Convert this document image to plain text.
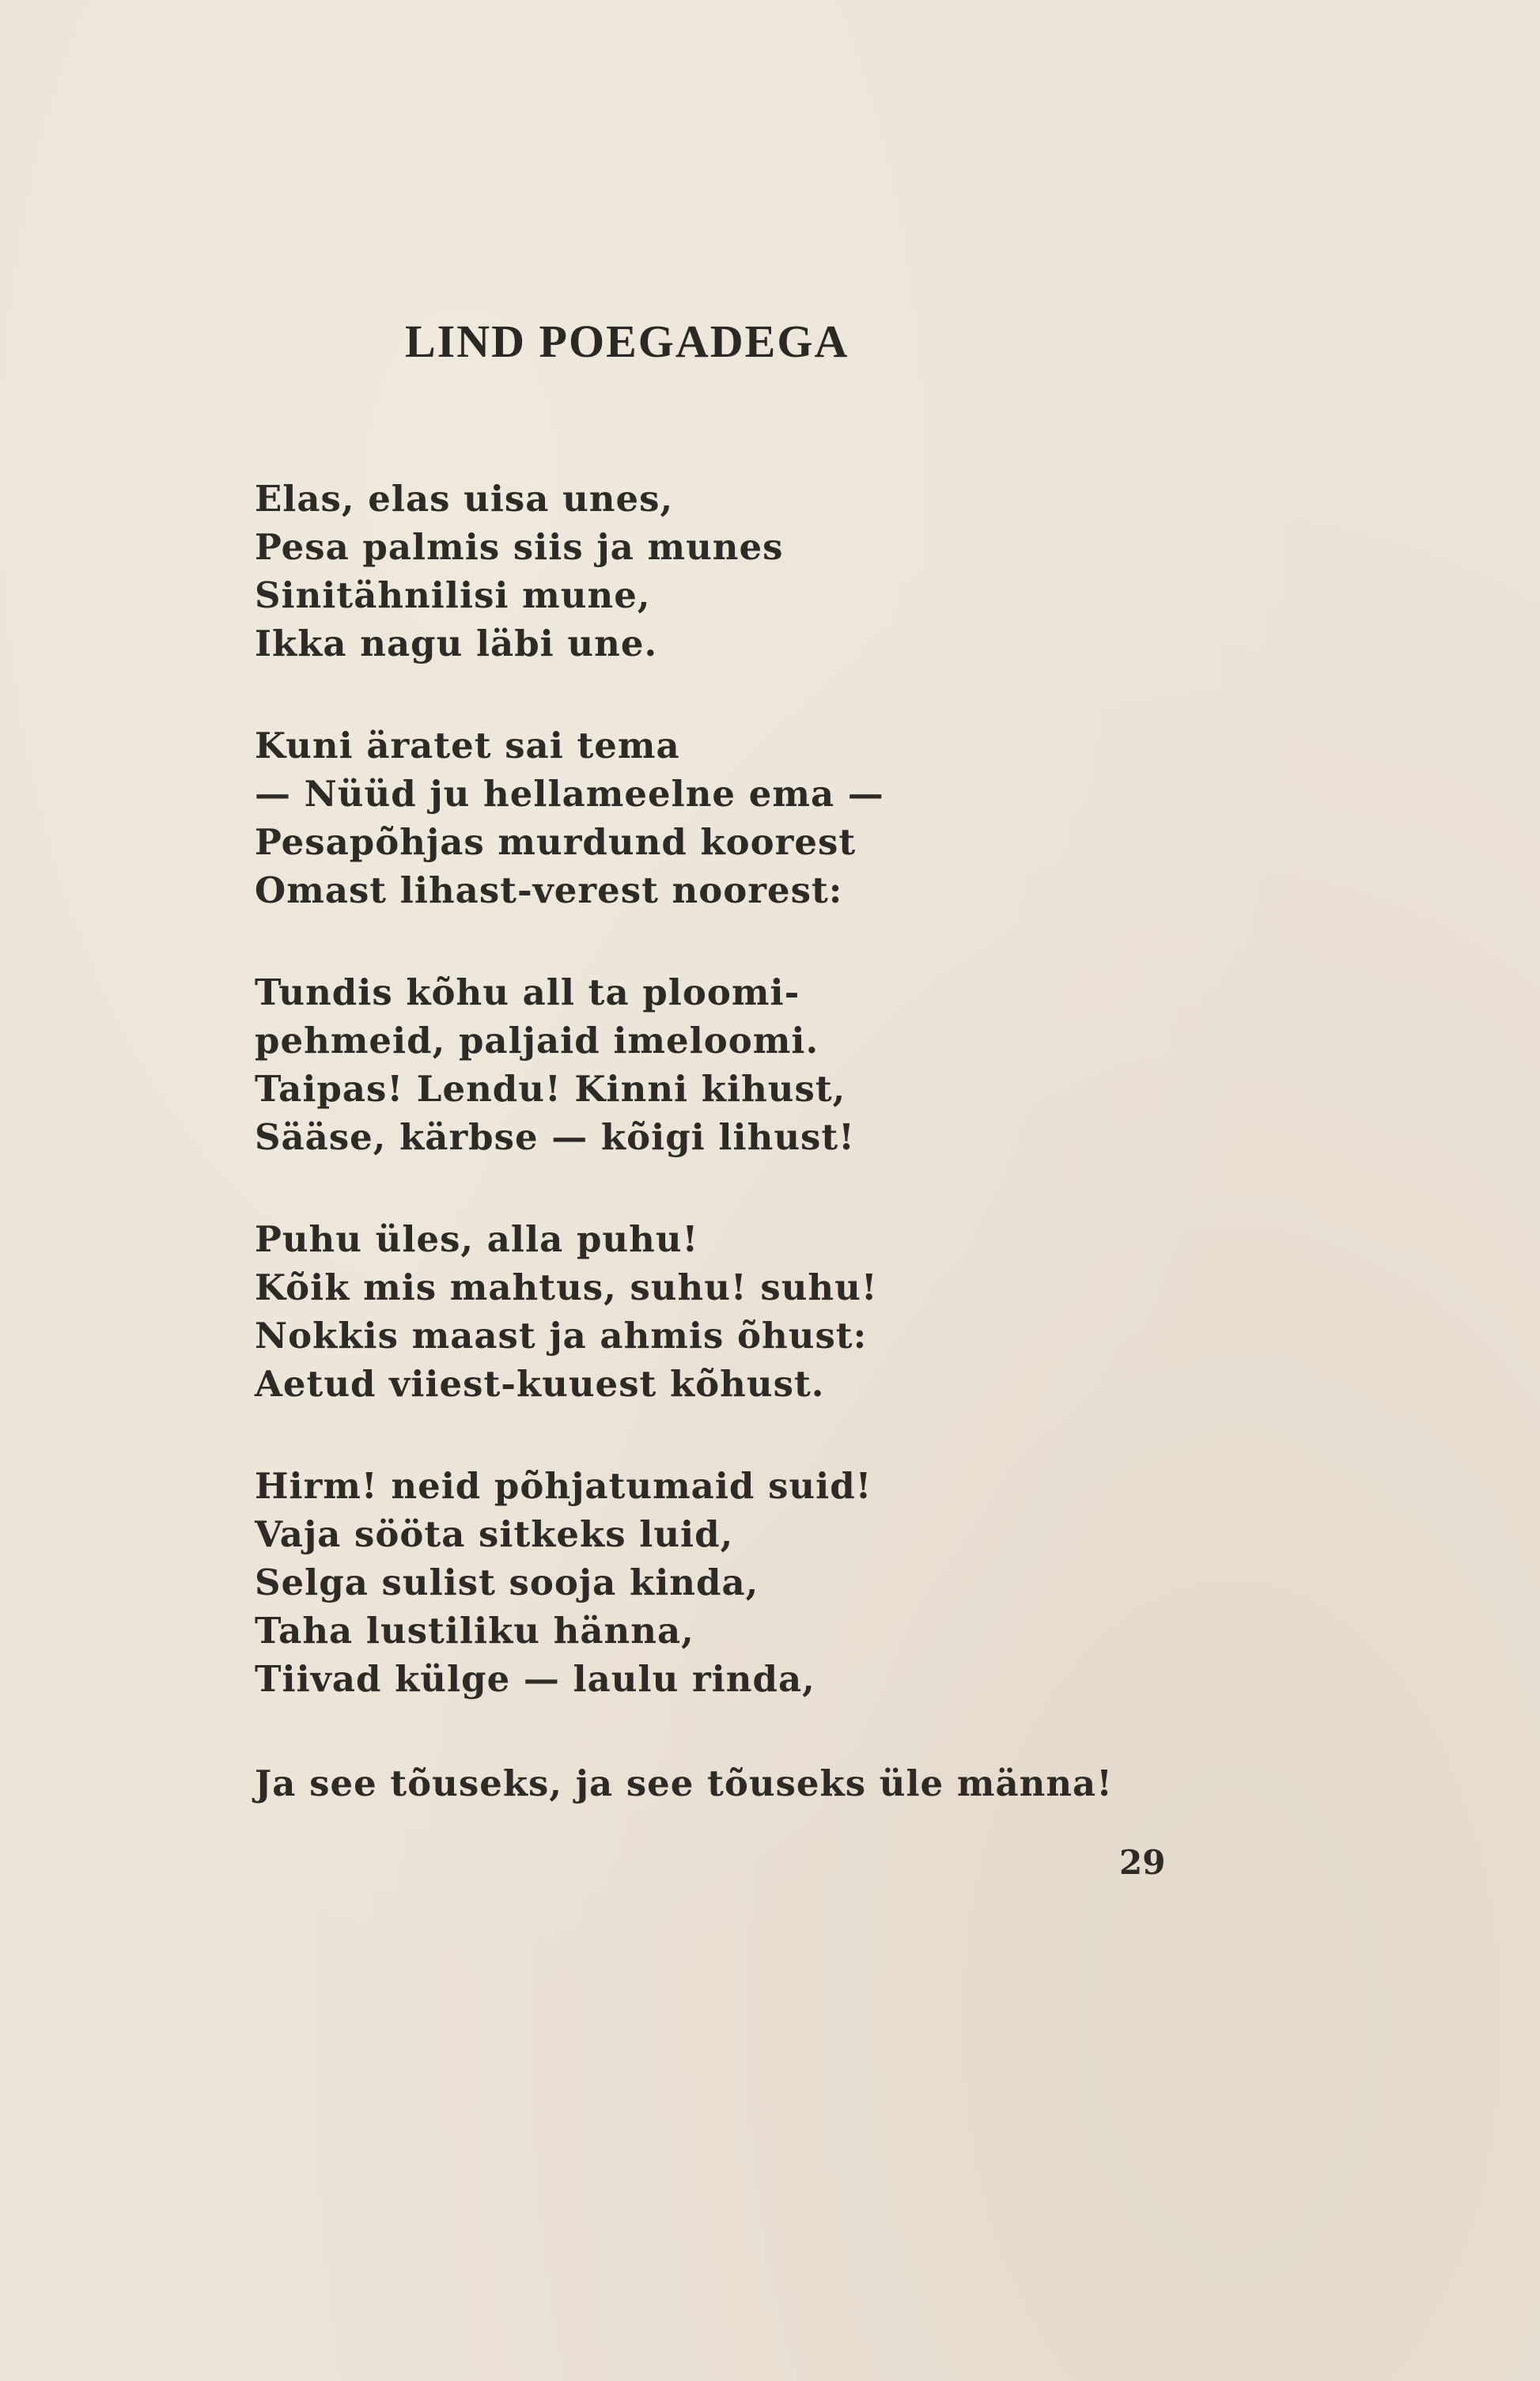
LIND POEGADEGA
Elas, elas uisa unes,
Pesa palmis siis ja munes
Sinitähnilisi mune,
Ikka nagu läbi une.
Kuni äratet sai tema
— Nüüd ju hellameelne ema —
Pesapõhjas murdund koorest
Omast lihast-verest noorest:
Tundis kõhu all ta ploomi-
pehmeid, paljaid imeloomi.
Taipas! Lendu! Kinni kihust,
Sääse, kärbse — kõigi lihust!
Puhu üles, alla puhu!
Kõik mis mahtus, suhu! suhu!
Nokkis maast ja ahmis õhust:
Aetud viiest-kuuest kõhust.
Hirm! neid põhjatumaid suid!
Vaja sööta sitkeks luid,
Selga sulist sooja kinda,
Taha lustiliku hänna,
Tiivad külge — laulu rinda,
Ja see tõuseks, ja see tõuseks üle männa!
29
